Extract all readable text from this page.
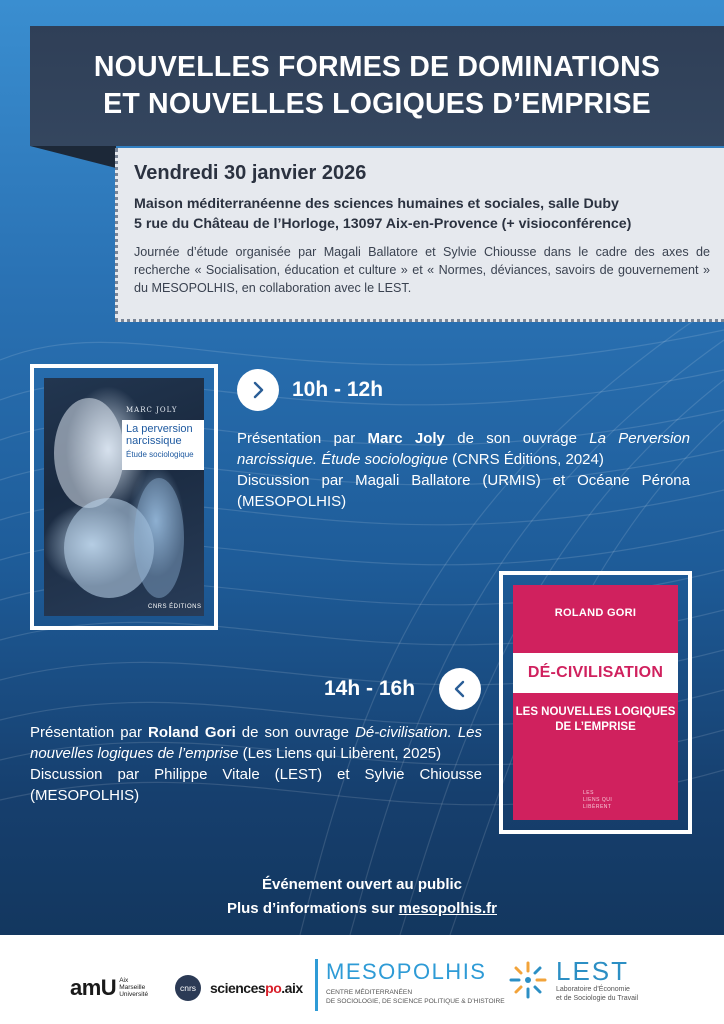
NOUVELLES FORMES DE DOMINATIONS
ET NOUVELLES LOGIQUES D’EMPRISE
Vendredi 30 janvier 2026
Maison méditerranéenne des sciences humaines et sociales, salle Duby
5 rue du Château de l’Horloge, 13097 Aix-en-Provence (+ visioconférence)
Journée d’étude organisée par Magali Ballatore et Sylvie Chiousse dans le cadre des axes de recherche « Socialisation, éducation et culture » et « Normes, déviances, savoirs de gouvernement » du MESOPOLHIS, en collaboration avec le LEST.
MARC JOLY
La perversion
narcissique
Étude sociologique
CNRS ÉDITIONS
10h - 12h
Présentation par Marc Joly de son ouvrage La Perversion narcissique. Étude sociologique (CNRS Éditions, 2024)
Discussion par Magali Ballatore (URMIS) et Océane Pérona (MESOPOLHIS)
ROLAND GORI
DÉ-CIVILISATION
LES NOUVELLES LOGIQUES
DE L’EMPRISE
LES
LIENS QUI
LIBÈRENT
14h - 16h
Présentation par Roland Gori de son ouvrage Dé-civilisation. Les nouvelles logiques de l’emprise (Les Liens qui Libèrent, 2025)
Discussion par Philippe Vitale (LEST) et Sylvie Chiousse (MESOPOLHIS)
Événement ouvert au public
Plus d’informations sur mesopolhis.fr
amU Aix
Marseille
Université
cnrs sciencespo.aix
MESOPOLHIS
CENTRE MÉDITERRANÉEN
DE SOCIOLOGIE, DE SCIENCE POLITIQUE & D’HISTOIRE
LEST
Laboratoire d’Économie
et de Sociologie du Travail
